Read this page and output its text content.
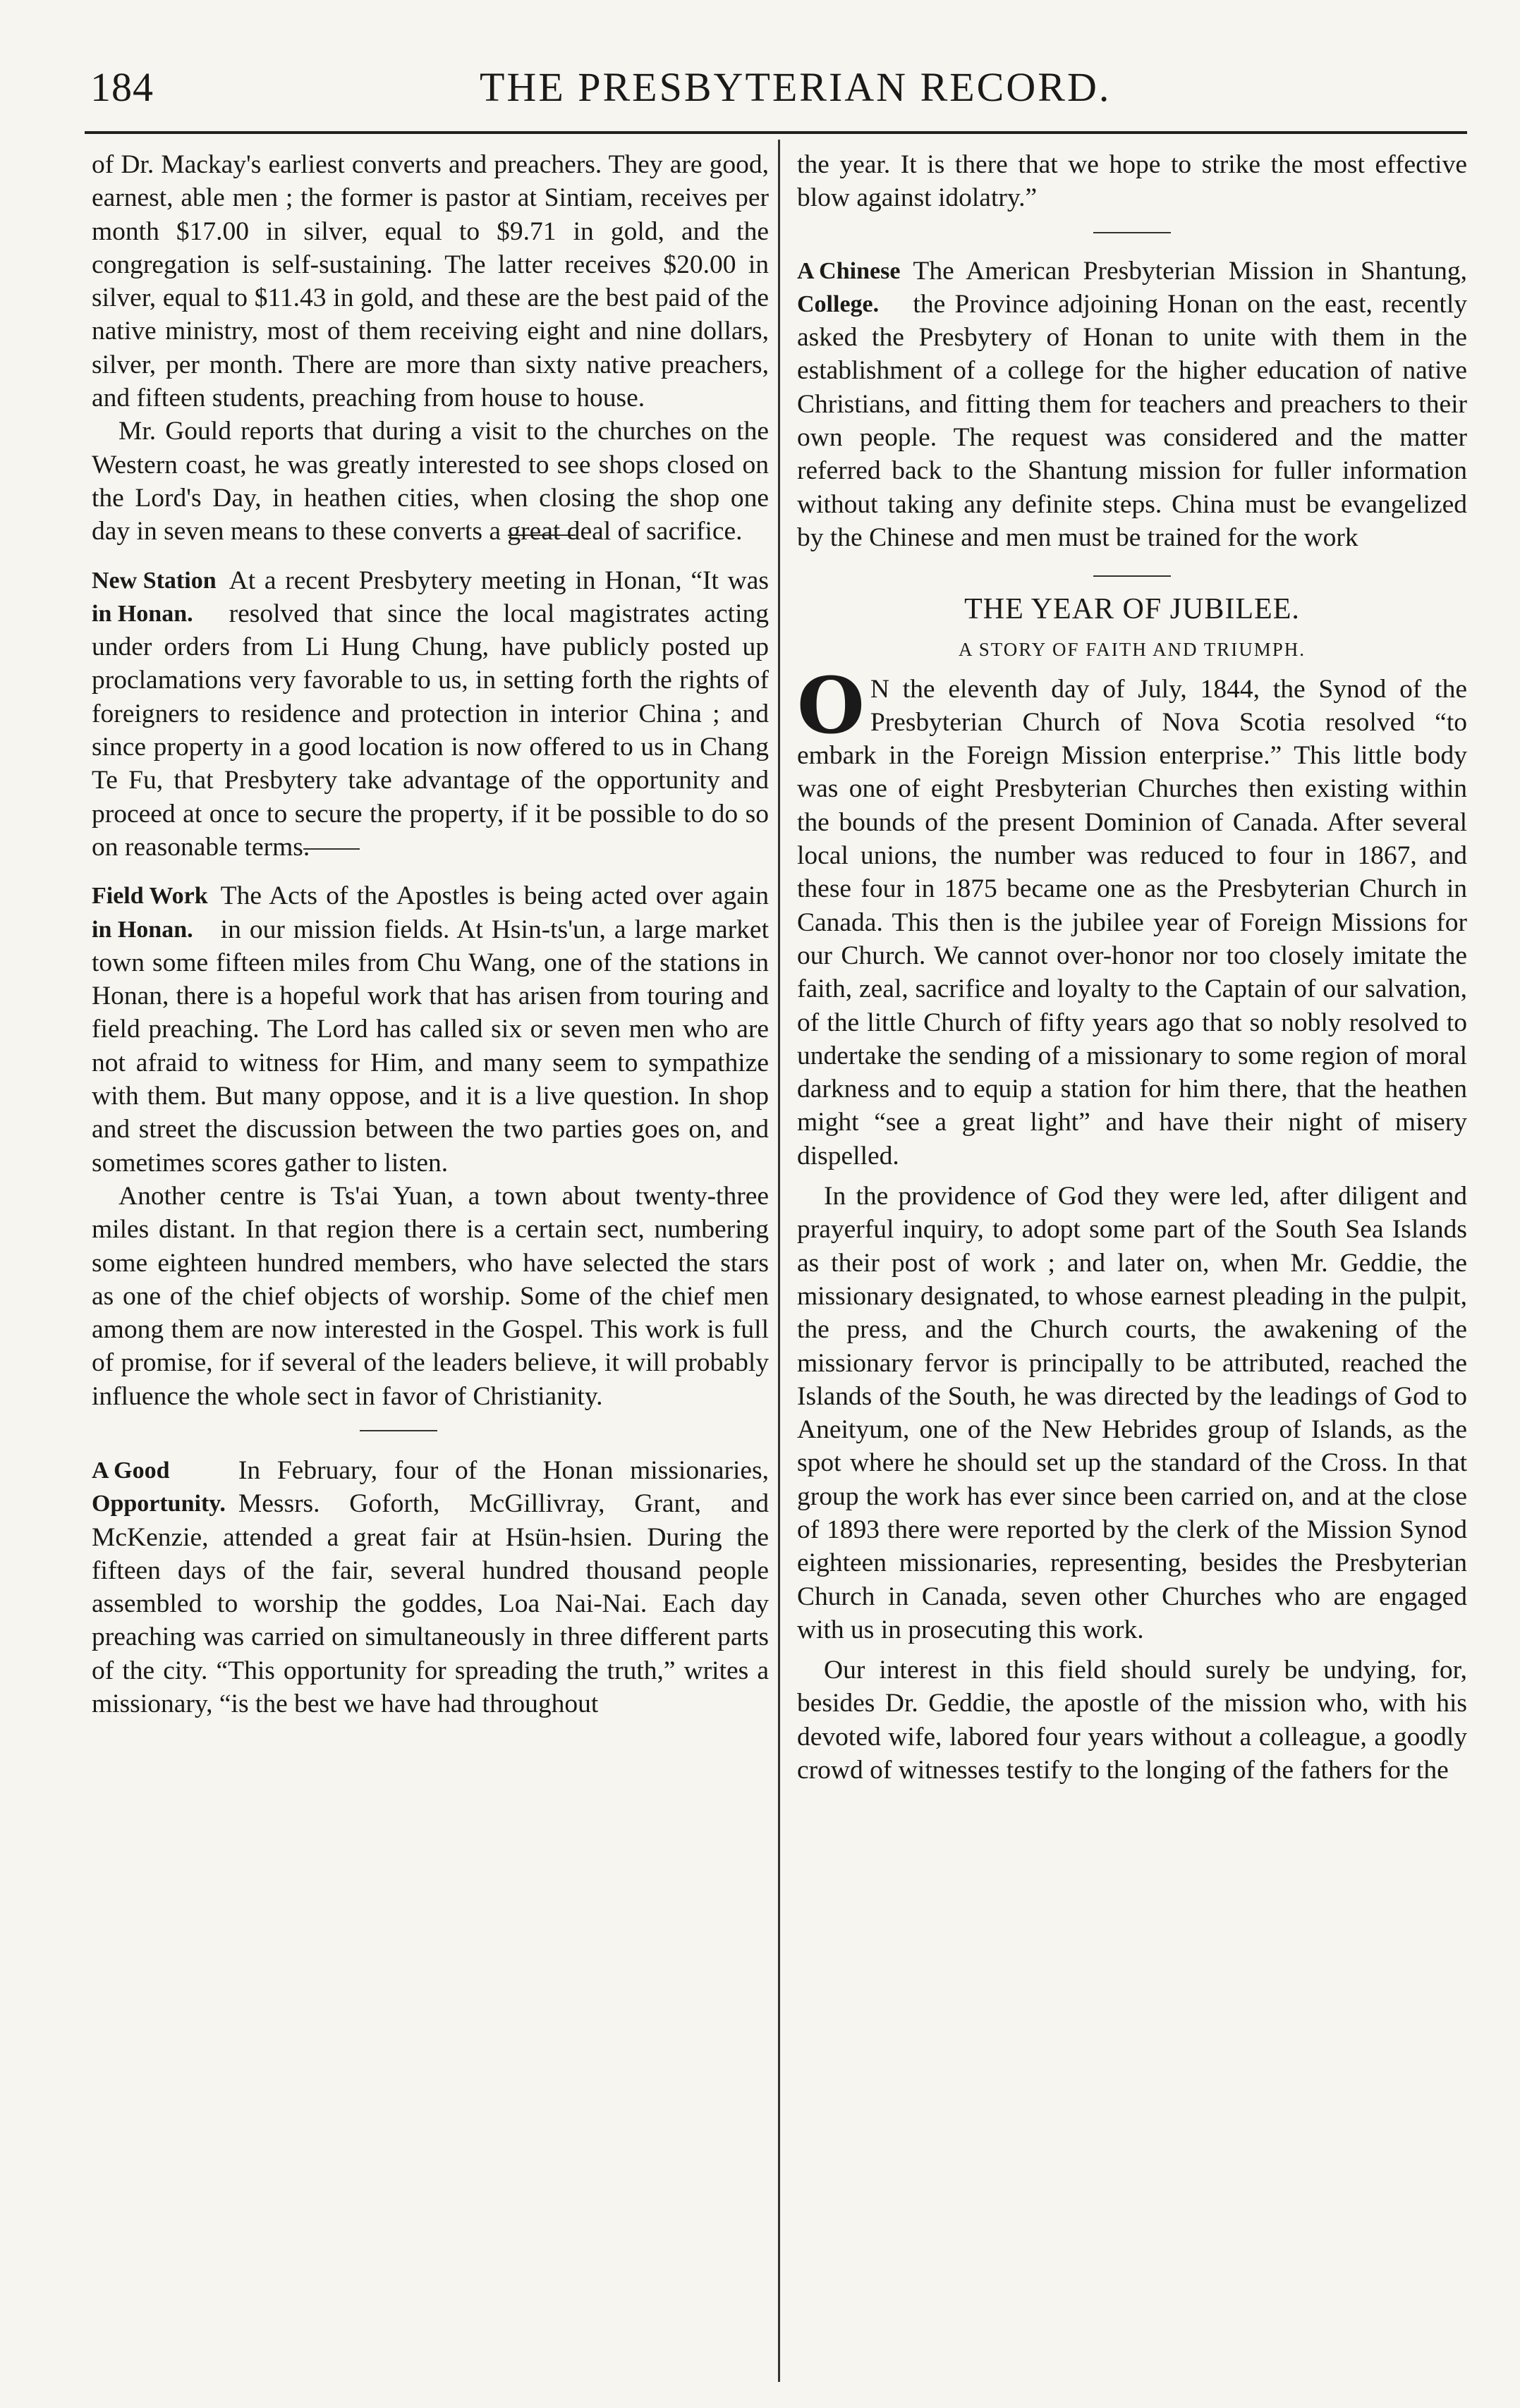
184	THE PRESBYTERIAN RECORD.

of Dr. Mackay's earliest converts and preachers. They are good, earnest, able men ; the former is pastor at Sintiam, receives per month $17.00 in silver, equal to $9.71 in gold, and the congregation is self-sustaining. The latter receives $20.00 in silver, equal to $11.43 in gold, and these are the best paid of the native ministry, most of them receiving eight and nine dollars, silver, per month. There are more than sixty native preachers, and fifteen students, preaching from house to house.

Mr. Gould reports that during a visit to the churches on the Western coast, he was greatly interested to see shops closed on the Lord's Day, in heathen cities, when closing the shop one day in seven means to these converts a great deal of sacrifice.

New Station
in Honan.
At a recent Presbytery meeting in Honan, “It was resolved that since the local magistrates acting under orders from Li Hung Chung, have publicly posted up proclamations very favorable to us, in setting forth the rights of foreigners to residence and protection in interior China ; and since property in a good location is now offered to us in Chang Te Fu, that Presbytery take advantage of the opportunity and proceed at once to secure the property, if it be possible to do so on reasonable terms.

Field Work
in Honan.
The Acts of the Apostles is being acted over again in our mission fields. At Hsin-ts'un, a large market town some fifteen miles from Chu Wang, one of the stations in Honan, there is a hopeful work that has arisen from touring and field preaching. The Lord has called six or seven men who are not afraid to witness for Him, and many seem to sympathize with them. But many oppose, and it is a live question. In shop and street the discussion between the two parties goes on, and sometimes scores gather to listen.

Another centre is Ts'ai Yuan, a town about twenty-three miles distant. In that region there is a certain sect, numbering some eighteen hundred members, who have selected the stars as one of the chief objects of worship. Some of the chief men among them are now interested in the Gospel. This work is full of promise, for if several of the leaders believe, it will probably influence the whole sect in favor of Christianity.

A Good
Opportunity.
In February, four of the Honan missionaries, Messrs. Goforth, McGillivray, Grant, and McKenzie, attended a great fair at Hsün-hsien. During the fifteen days of the fair, several hundred thousand people assembled to worship the goddes, Loa Nai-Nai. Each day preaching was carried on simultaneously in three different parts of the city. “This opportunity for spreading the truth,” writes a missionary, “is the best we have had throughout

the year. It is there that we hope to strike the most effective blow against idolatry.”

A Chinese
College.
The American Presbyterian Mission in Shantung, the Province adjoining Honan on the east, recently asked the Presbytery of Honan to unite with them in the establishment of a college for the higher education of native Christians, and fitting them for teachers and preachers to their own people. The request was considered and the matter referred back to the Shantung mission for fuller information without taking any definite steps. China must be evangelized by the Chinese and men must be trained for the work

THE YEAR OF JUBILEE.
A STORY OF FAITH AND TRIUMPH.

O N the eleventh day of July, 1844, the Synod of the Presbyterian Church of Nova Scotia resolved “to embark in the Foreign Mission enterprise.” This little body was one of eight Presbyterian Churches then existing within the bounds of the present Dominion of Canada. After several local unions, the number was reduced to four in 1867, and these four in 1875 became one as the Presbyterian Church in Canada. This then is the jubilee year of Foreign Missions for our Church. We cannot over-honor nor too closely imitate the faith, zeal, sacrifice and loyalty to the Captain of our salvation, of the little Church of fifty years ago that so nobly resolved to undertake the sending of a missionary to some region of moral darkness and to equip a station for him there, that the heathen might “see a great light” and have their night of misery dispelled.

In the providence of God they were led, after diligent and prayerful inquiry, to adopt some part of the South Sea Islands as their post of work ; and later on, when Mr. Geddie, the missionary designated, to whose earnest pleading in the pulpit, the press, and the Church courts, the awakening of the missionary fervor is principally to be attributed, reached the Islands of the South, he was directed by the leadings of God to Aneityum, one of the New Hebrides group of Islands, as the spot where he should set up the standard of the Cross. In that group the work has ever since been carried on, and at the close of 1893 there were reported by the clerk of the Mission Synod eighteen missionaries, representing, besides the Presbyterian Church in Canada, seven other Churches who are engaged with us in prosecuting this work.

Our interest in this field should surely be undying, for, besides Dr. Geddie, the apostle of the mission who, with his devoted wife, labored four years without a colleague, a goodly crowd of witnesses testify to the longing of the fathers for the
